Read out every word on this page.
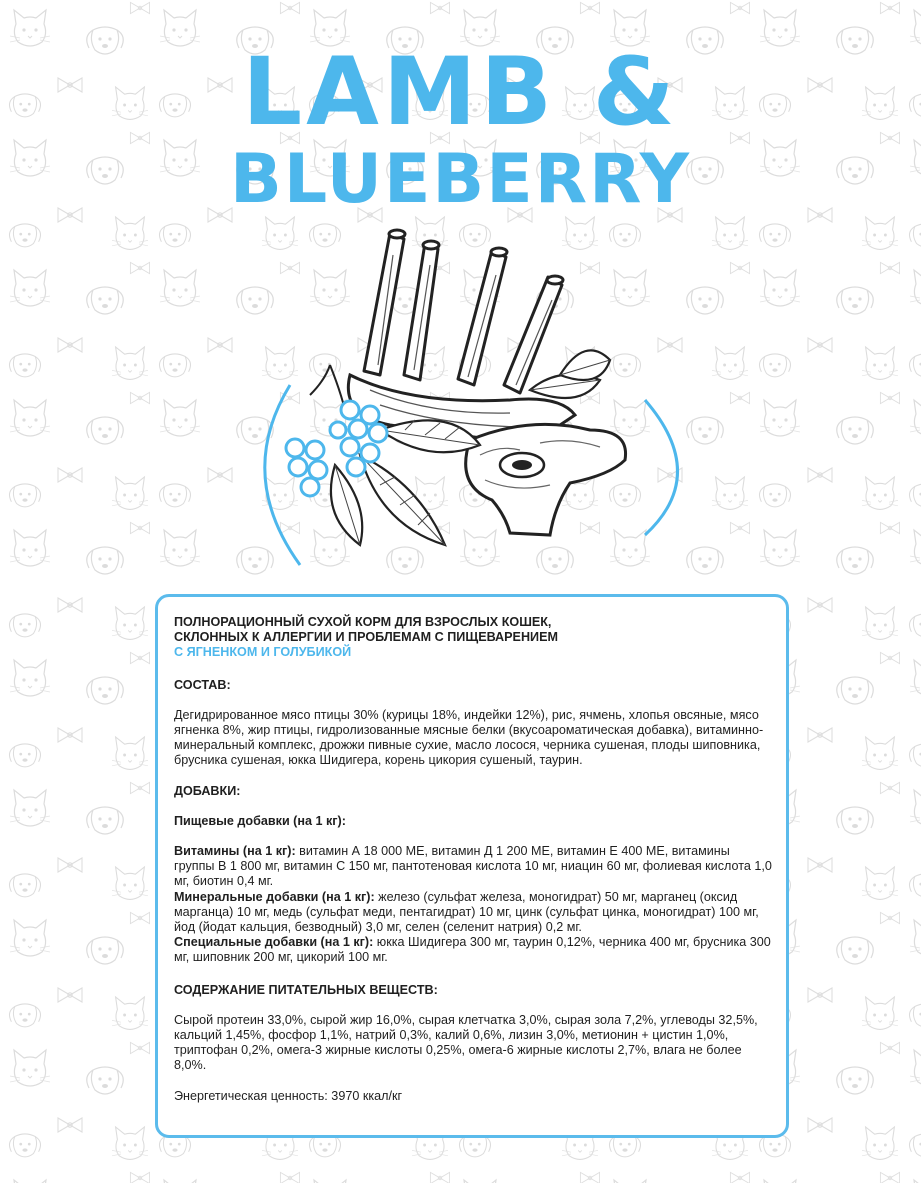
LAMB &
BLUEBERRY
ПОЛНОРАЦИОННЫЙ СУХОЙ КОРМ ДЛЯ ВЗРОСЛЫХ КОШЕК,
СКЛОННЫХ К АЛЛЕРГИИ И ПРОБЛЕМАМ С ПИЩЕВАРЕНИЕМ
С ЯГНЕНКОМ И ГОЛУБИКОЙ
СОСТАВ:
Дегидрированное мясо птицы 30% (курицы 18%, индейки 12%), рис, ячмень, хлопья овсяные, мясо ягненка 8%, жир птицы, гидролизованные мясные белки (вкусоароматическая добавка), витаминно-минеральный комплекс, дрожжи пивные сухие, масло лосося, черника сушеная, плоды шиповника, брусника сушеная, юкка Шидигера, корень цикория сушеный, таурин.
ДОБАВКИ:
Пищевые добавки (на 1 кг):
Витамины (на 1 кг): витамин А 18 000 МЕ, витамин Д 1 200 МЕ, витамин Е 400 МЕ, витамины группы В 1 800 мг, витамин С 150 мг, пантотеновая кислота 10 мг, ниацин 60 мг, фолиевая кислота 1,0 мг, биотин 0,4 мг.
Минеральные добавки (на 1 кг): железо (сульфат железа, моногидрат) 50 мг, марганец (оксид марганца) 10 мг, медь (сульфат меди, пентагидрат) 10 мг, цинк (сульфат цинка, моногидрат) 100 мг, йод (йодат кальция, безводный) 3,0 мг, селен (селенит натрия) 0,2 мг.
Специальные добавки (на 1 кг): юкка Шидигера 300 мг, таурин 0,12%, черника 400 мг, брусника 300 мг, шиповник 200 мг, цикорий 100 мг.
СОДЕРЖАНИЕ ПИТАТЕЛЬНЫХ ВЕЩЕСТВ:
Сырой протеин 33,0%, сырой жир 16,0%, сырая клетчатка 3,0%, сырая зола 7,2%, углеводы 32,5%, кальций 1,45%, фосфор 1,1%, натрий 0,3%, калий 0,6%, лизин 3,0%, метионин + цистин 1,0%, триптофан 0,2%, омега-3 жирные кислоты 0,25%, омега-6 жирные кислоты 2,7%, влага не более 8,0%.
Энергетическая ценность: 3970 ккал/кг
